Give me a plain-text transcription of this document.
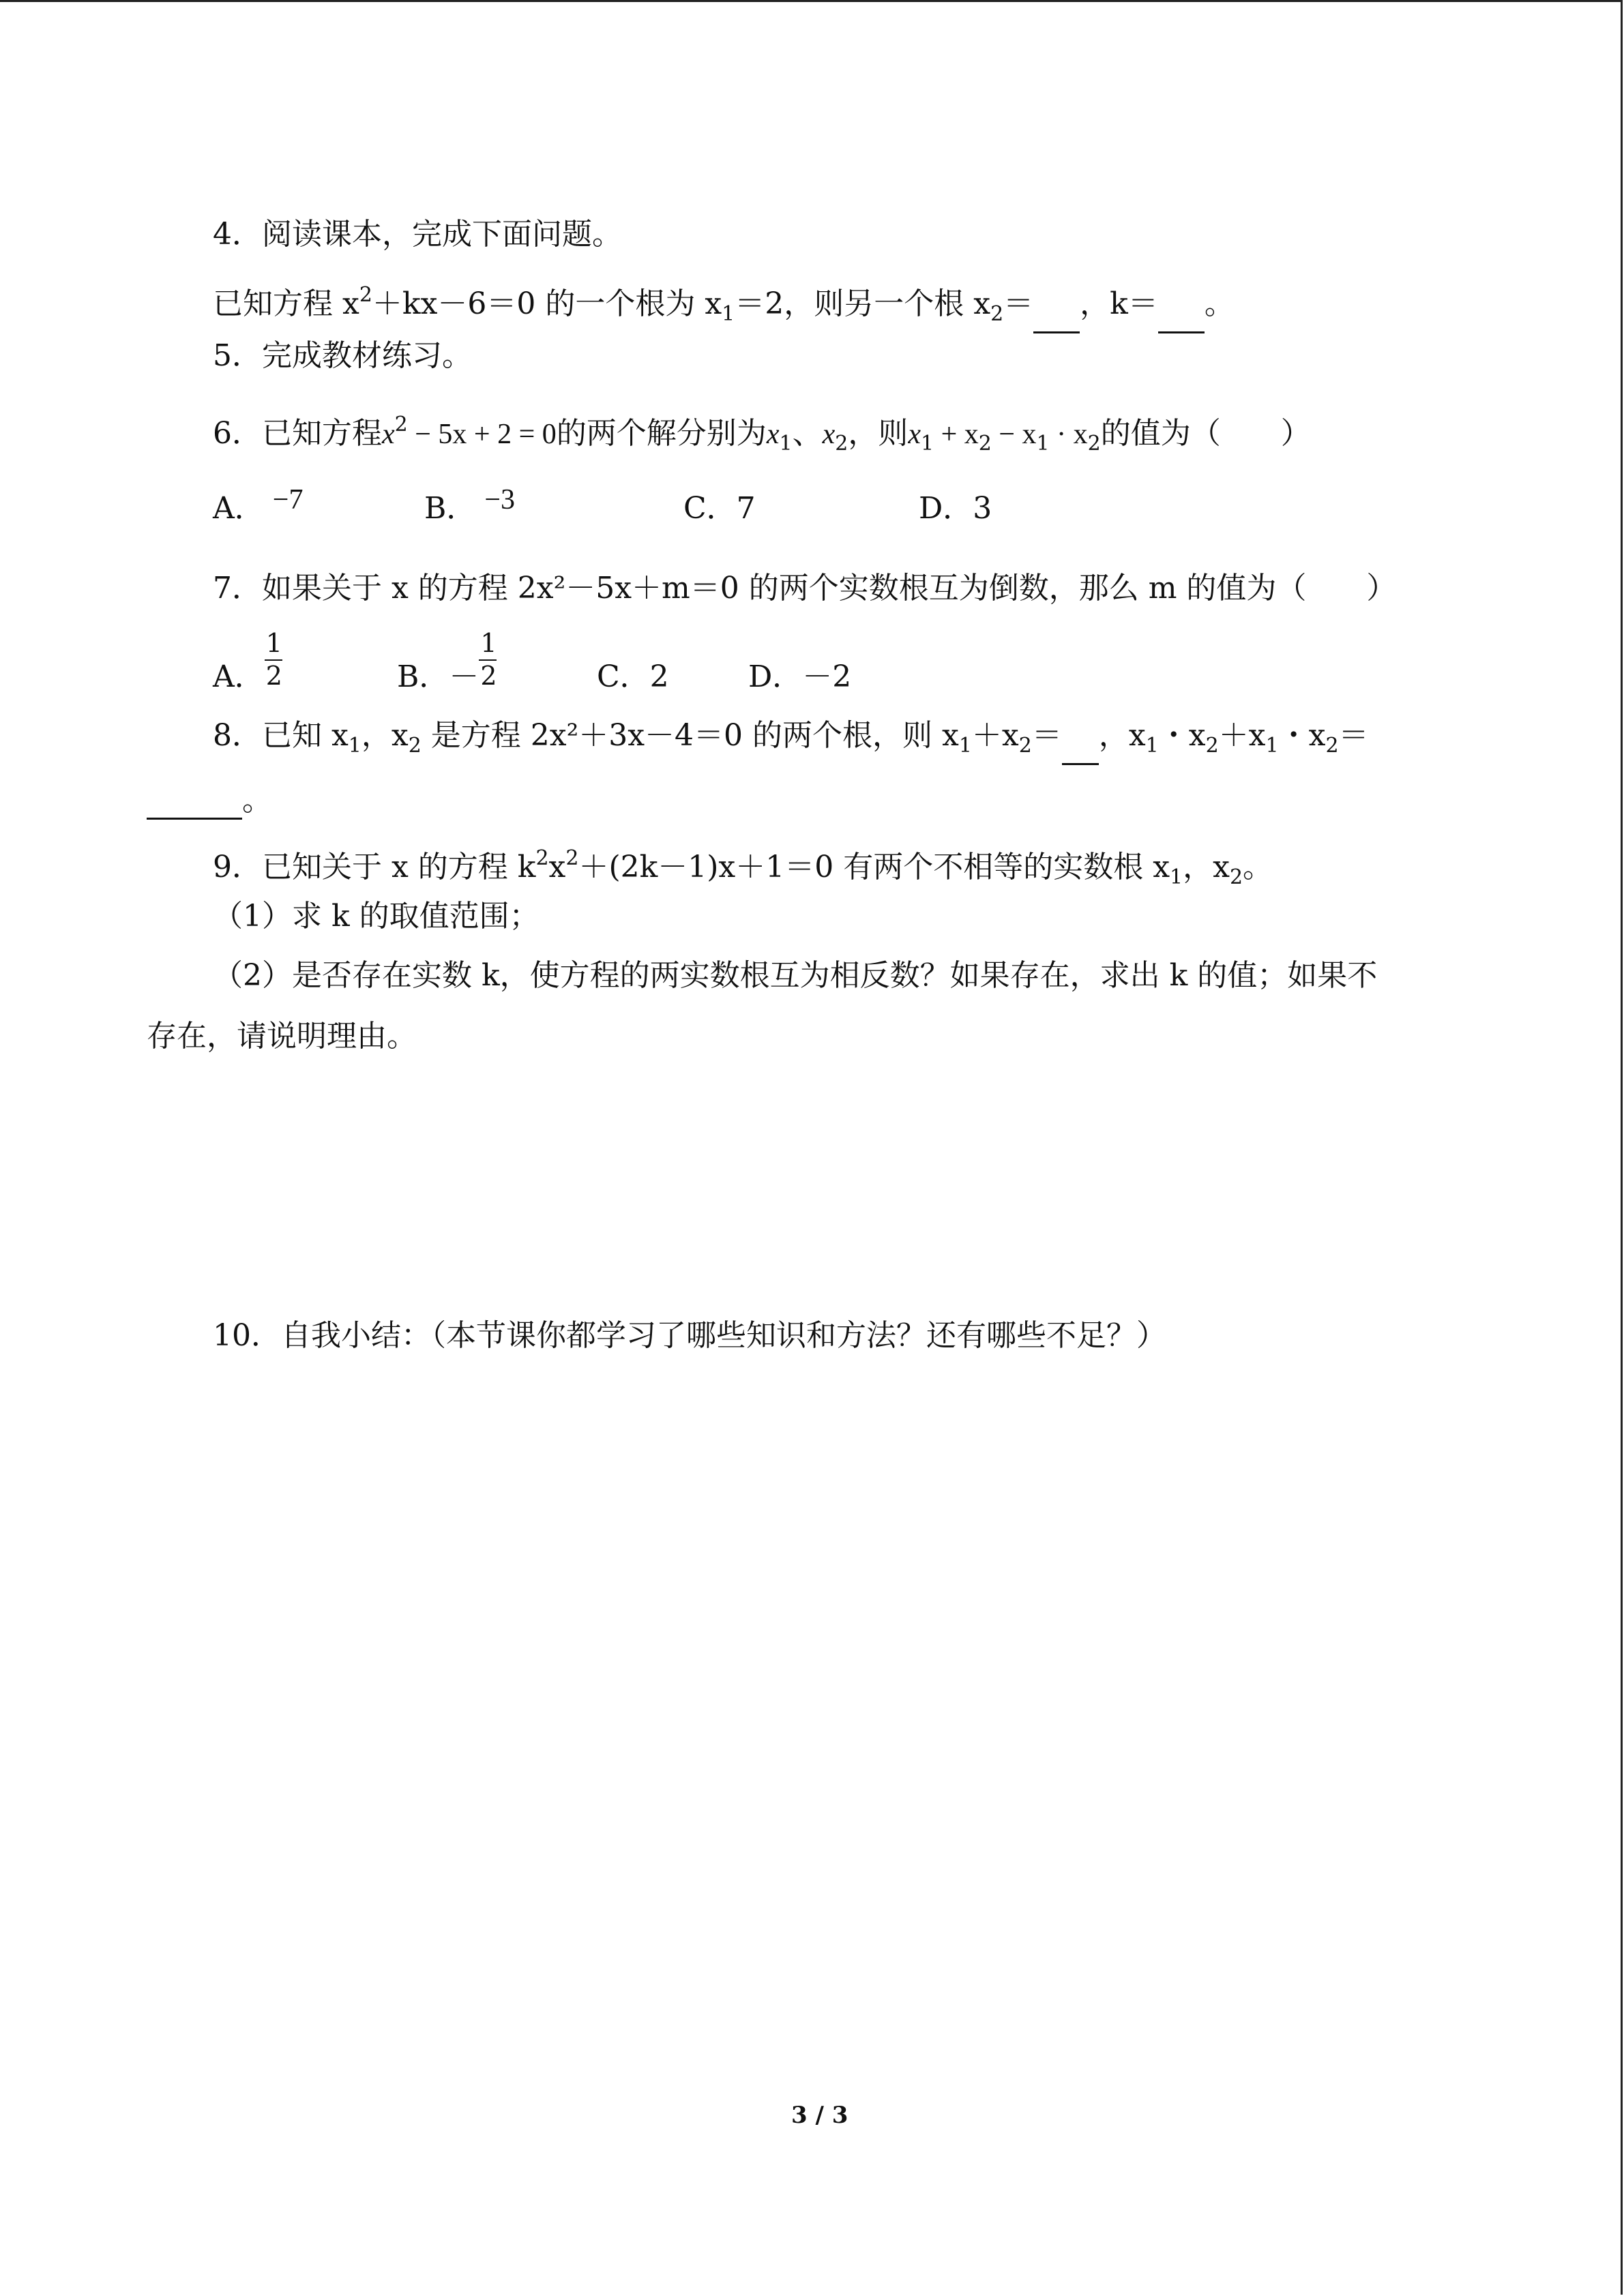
4．阅读课本，完成下面问题。
已知方程 $x^2+kx-6=0$ 的一个根为 $x_1=2$，则另一个根 $x_2=$ ，k＝ 。
5．完成教材练习。
6．已知方程$x^2 - 5x + 2 = 0$的两个解分别为$x_1$、$x_2$，则$x_1 + x_2 - x_1 \cdot x_2$的值为（　　）
A． −7	B． −3	C．7	D．3
7．如果关于 x 的方程 2x²－5x＋m＝0 的两个实数根互为倒数，那么 m 的值为（　　）
A． $\frac{1}{2}$	B．－ $\frac{1}{2}$	C．2	D．－2
8．已知 $x_1$，$x_2$ 是方程 2x²＋3x－4＝0 的两个根，则 $x_1+x_2=$ ，$x_1$・$x_2+x_1$・$x_2=$
。
9．已知关于 x 的方程 $k^2x^2+(2k-1)x+1=0$ 有两个不相等的实数根 $x_1$，$x_2$。
（1）求 k 的取值范围；
（2）是否存在实数 k，使方程的两实数根互为相反数？如果存在，求出 k 的值；如果不
存在，请说明理由。
10．自我小结：（本节课你都学习了哪些知识和方法？还有哪些不足？）
3 / 3
